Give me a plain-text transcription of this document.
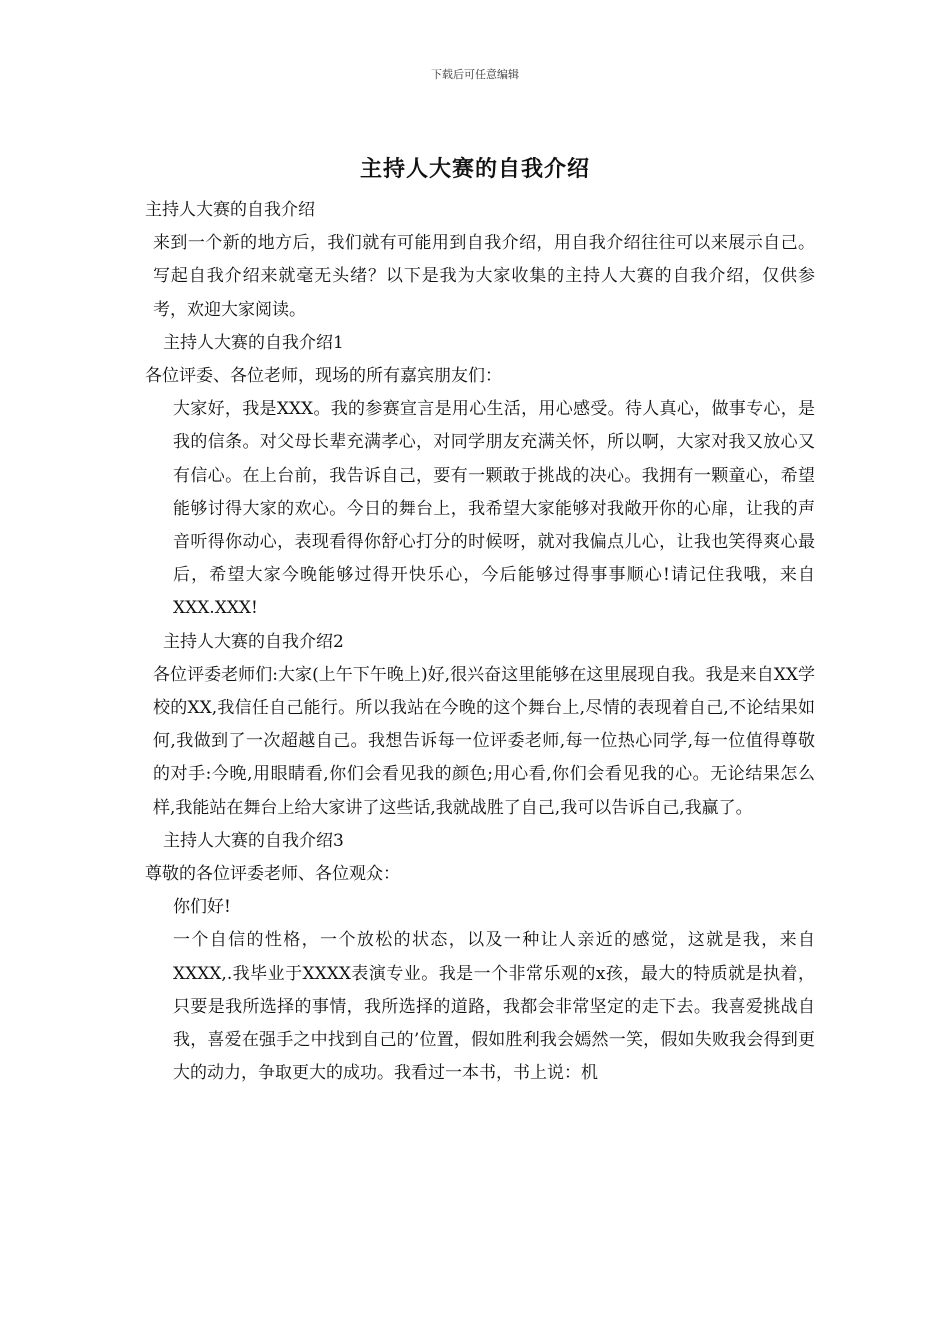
下载后可任意编辑
主持人大赛的自我介绍

主持人大赛的自我介绍

来到一个新的地方后，我们就有可能用到自我介绍，用自我介绍往往可以来展示自己。写起自我介绍来就毫无头绪？以下是我为大家收集的主持人大赛的自我介绍，仅供参考，欢迎大家阅读。

主持人大赛的自我介绍1

各位评委、各位老师，现场的所有嘉宾朋友们：

大家好，我是XXX。我的参赛宣言是用心生活，用心感受。待人真心，做事专心，是我的信条。对父母长辈充满孝心，对同学朋友充满关怀，所以啊，大家对我又放心又有信心。在上台前，我告诉自己，要有一颗敢于挑战的决心。我拥有一颗童心，希望能够讨得大家的欢心。今日的舞台上，我希望大家能够对我敞开你的心扉，让我的声音听得你动心，表现看得你舒心打分的时候呀，就对我偏点儿心，让我也笑得爽心最后，希望大家今晚能够过得开快乐心，今后能够过得事事顺心!请记住我哦，来自XXX.XXX!

主持人大赛的自我介绍2

各位评委老师们:大家(上午下午晚上)好,很兴奋这里能够在这里展现自我。我是来自XX学校的XX,我信任自己能行。所以我站在今晚的这个舞台上,尽情的表现着自己,不论结果如何,我做到了一次超越自己。我想告诉每一位评委老师,每一位热心同学,每一位值得尊敬的对手:今晚,用眼睛看,你们会看见我的颜色;用心看,你们会看见我的心。无论结果怎么样,我能站在舞台上给大家讲了这些话,我就战胜了自己,我可以告诉自己,我赢了。

主持人大赛的自我介绍3

尊敬的各位评委老师、各位观众：

你们好!

一个自信的性格，一个放松的状态，以及一种让人亲近的感觉，这就是我，来自XXXX,.我毕业于XXXX表演专业。我是一个非常乐观的x孩，最大的特质就是执着，只要是我所选择的事情，我所选择的道路，我都会非常坚定的走下去。我喜爱挑战自我，喜爱在强手之中找到自己的’位置，假如胜利我会嫣然一笑，假如失败我会得到更大的动力，争取更大的成功。我看过一本书，书上说：机
